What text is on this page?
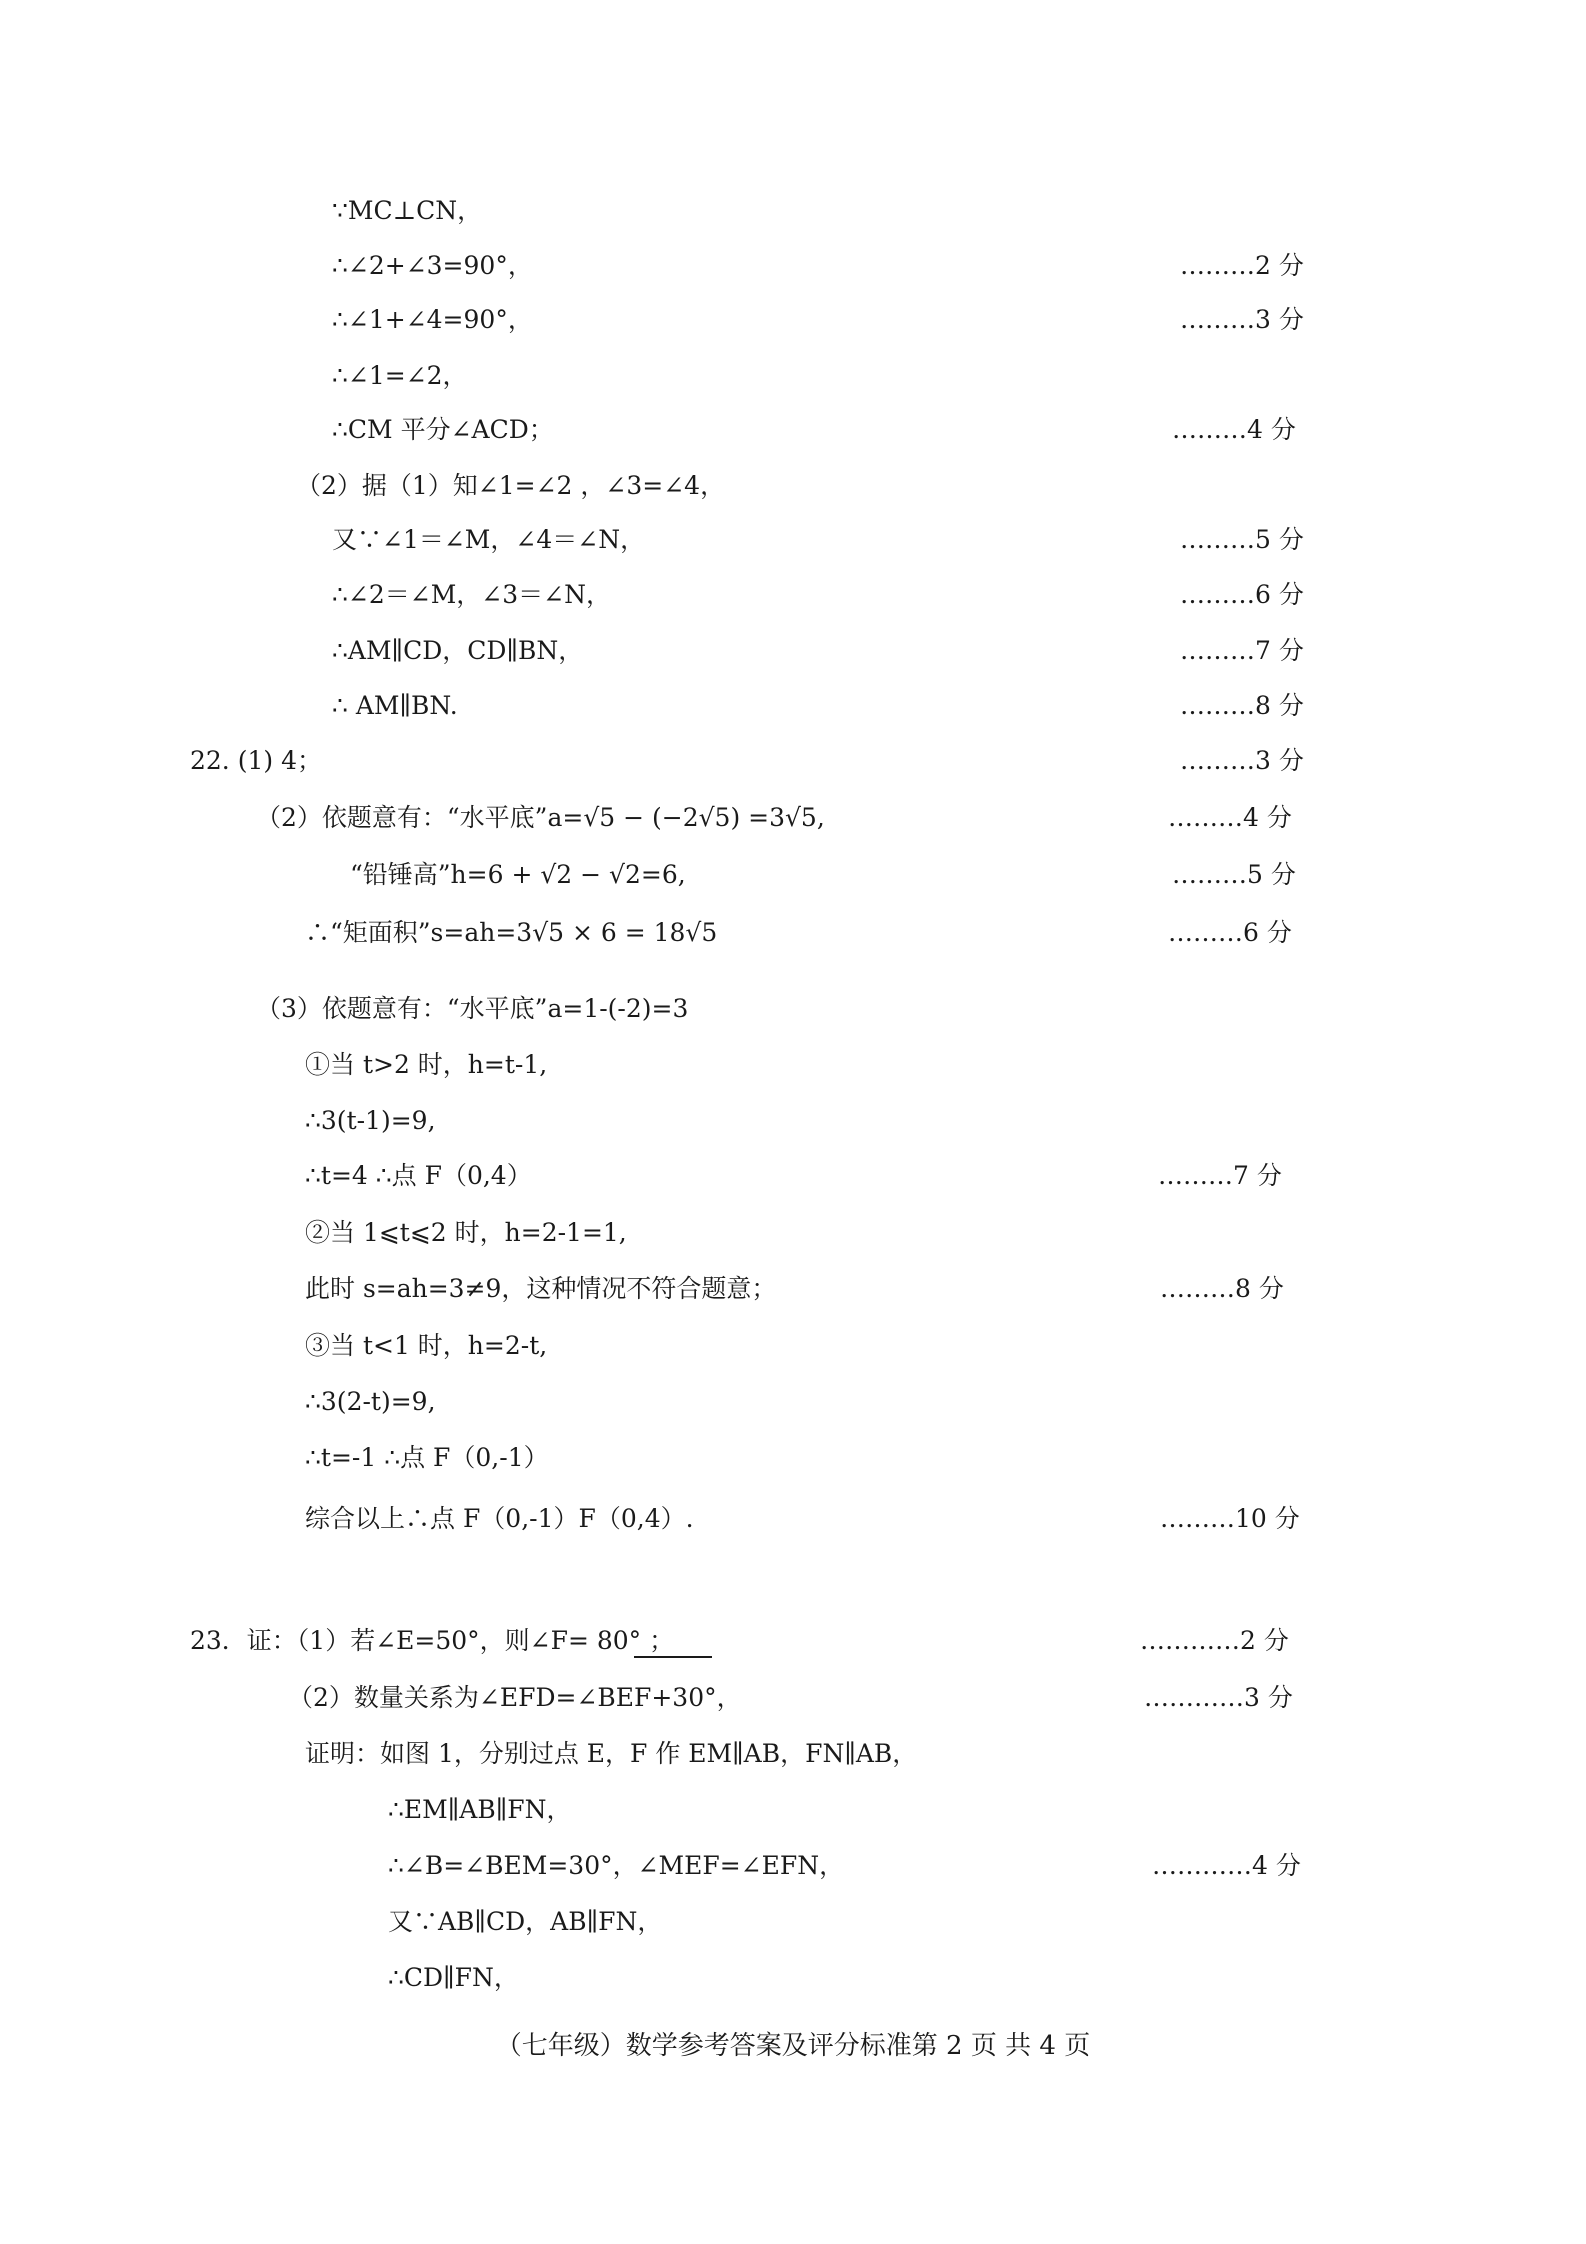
∵MC⊥CN，
∴∠2+∠3=90°，	………2 分
∴∠1+∠4=90°，	………3 分
∴∠1=∠2，
∴CM 平分∠ACD；	………4 分
（2）据（1）知∠1=∠2 ，∠3=∠4，
又∵∠1＝∠M，∠4＝∠N，	………5 分
∴∠2＝∠M，∠3＝∠N，	………6 分
∴AM∥CD，CD∥BN，	………7 分
∴ AM∥BN.	………8 分
22. (1) 4；	………3 分
（2）依题意有：“水平底”a=√5 − (−2√5) =3√5,	………4 分
“铅锤高”h=6 + √2 − √2=6,	………5 分
∴“矩面积”s=ah=3√5 × 6 = 18√5	………6 分
（3）依题意有：“水平底”a=1-(-2)=3
①当 t>2 时，h=t-1,
∴3(t-1)=9,
∴t=4 ∴点 F（0,4）	………7 分
②当 1⩽t⩽2 时，h=2-1=1,
此时 s=ah=3≠9，这种情况不符合题意；	………8 分
③当 t<1 时，h=2-t,
∴3(2-t)=9,
∴t=-1 ∴点 F（0,-1）
综合以上∴点 F（0,-1）F（0,4）.	………10 分
23．证：（1）若∠E=50°，则∠F= 80° ；	…………2 分
（2）数量关系为∠EFD=∠BEF+30°，	…………3 分
证明：如图 1，分别过点 E，F 作 EM∥AB，FN∥AB，
∴EM∥AB∥FN，
∴∠B=∠BEM=30°，∠MEF=∠EFN，	…………4 分
又∵AB∥CD，AB∥FN，
∴CD∥FN，
（七年级）数学参考答案及评分标准第 2 页 共 4 页
